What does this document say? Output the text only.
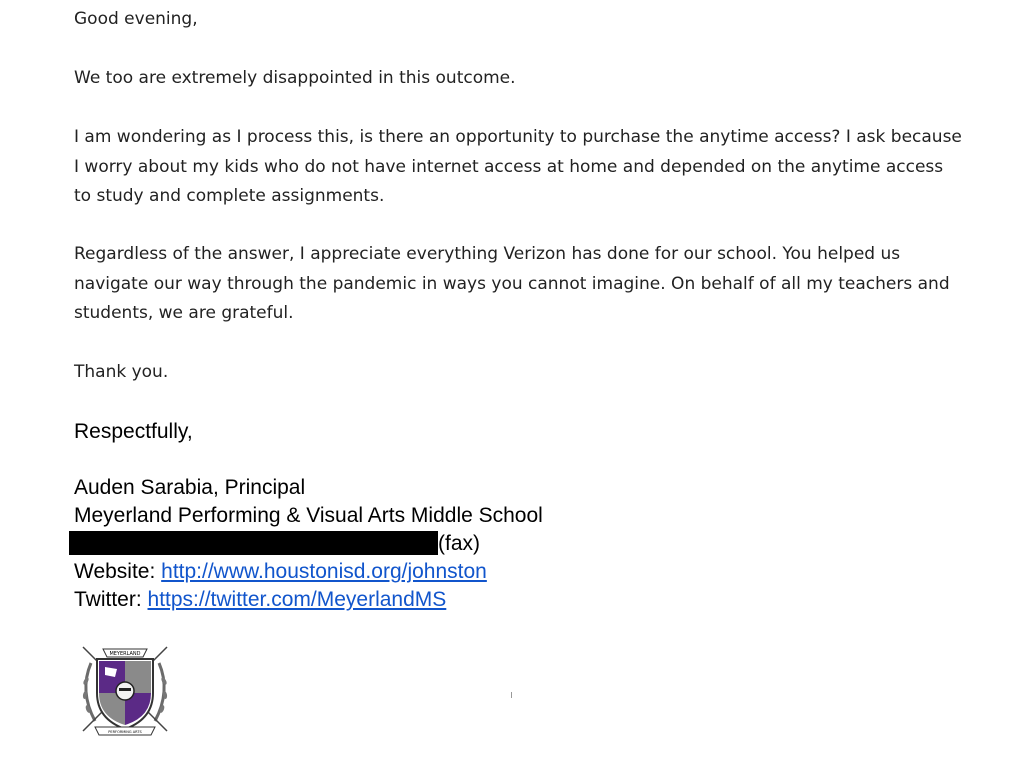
Good evening,

We too are extremely disappointed in this outcome.

I am wondering as I process this, is there an opportunity to purchase the anytime access? I ask because I worry about my kids who do not have internet access at home and depended on the anytime access to study and complete assignments.

Regardless of the answer, I appreciate everything Verizon has done for our school. You helped us navigate our way through the pandemic in ways you cannot imagine. On behalf of all my teachers and students, we are grateful.

Thank you.

Respectfully,

Auden Sarabia, Principal

Meyerland Performing & Visual Arts Middle School

(fax)

Website: http://www.houstonisd.org/johnston

Twitter: https://twitter.com/MeyerlandMS

MEYERLAND
PERFORMING ARTS
